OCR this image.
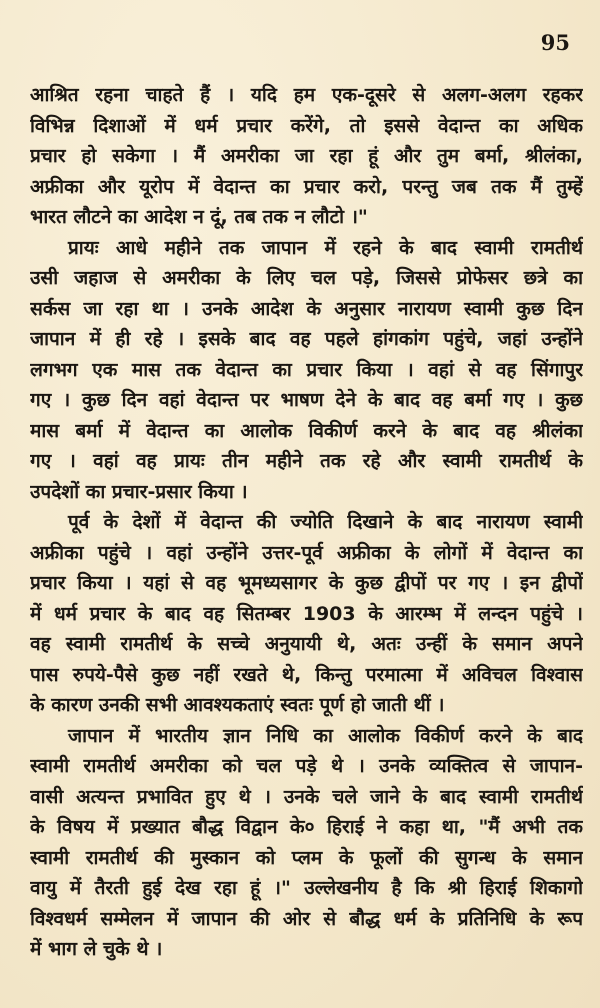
95

आश्रित रहना चाहते हैं । यदि हम एक-दूसरे से अलग-अलग रहकर
विभिन्न दिशाओं में धर्म प्रचार करेंगे, तो इससे वेदान्त का अधिक
प्रचार हो सकेगा । मैं अमरीका जा रहा हूं और तुम बर्मा, श्रीलंका,
अफ्रीका और यूरोप में वेदान्त का प्रचार करो, परन्तु जब तक मैं तुम्हें
भारत लौटने का आदेश न दूं, तब तक न लौटो ।"

प्रायः आधे महीने तक जापान में रहने के बाद स्वामी रामतीर्थ
उसी जहाज से अमरीका के लिए चल पड़े, जिससे प्रोफेसर छत्रे का
सर्कस जा रहा था । उनके आदेश के अनुसार नारायण स्वामी कुछ दिन
जापान में ही रहे । इसके बाद वह पहले हांगकांग पहुंचे, जहां उन्होंने
लगभग एक मास तक वेदान्त का प्रचार किया । वहां से वह सिंगापुर
गए । कुछ दिन वहां वेदान्त पर भाषण देने के बाद वह बर्मा गए । कुछ
मास बर्मा में वेदान्त का आलोक विकीर्ण करने के बाद वह श्रीलंका
गए । वहां वह प्रायः तीन महीने तक रहे और स्वामी रामतीर्थ के
उपदेशों का प्रचार-प्रसार किया ।

पूर्व के देशों में वेदान्त की ज्योति दिखाने के बाद नारायण स्वामी
अफ्रीका पहुंचे । वहां उन्होंने उत्तर-पूर्व अफ्रीका के लोगों में वेदान्त का
प्रचार किया । यहां से वह भूमध्यसागर के कुछ द्वीपों पर गए । इन द्वीपों
में धर्म प्रचार के बाद वह सितम्बर 1903 के आरम्भ में लन्दन पहुंचे ।
वह स्वामी रामतीर्थ के सच्चे अनुयायी थे, अतः उन्हीं के समान अपने
पास रुपये-पैसे कुछ नहीं रखते थे, किन्तु परमात्मा में अविचल विश्वास
के कारण उनकी सभी आवश्यकताएं स्वतः पूर्ण हो जाती थीं ।

जापान में भारतीय ज्ञान निधि का आलोक विकीर्ण करने के बाद
स्वामी रामतीर्थ अमरीका को चल पड़े थे । उनके व्यक्तित्व से जापान-
वासी अत्यन्त प्रभावित हुए थे । उनके चले जाने के बाद स्वामी रामतीर्थ
के विषय में प्रख्यात बौद्ध विद्वान के० हिराई ने कहा था, "मैं अभी तक
स्वामी रामतीर्थ की मुस्कान को प्लम के फूलों की सुगन्ध के समान
वायु में तैरती हुई देख रहा हूं ।" उल्लेखनीय है कि श्री हिराई शिकागो
विश्वधर्म सम्मेलन में जापान की ओर से बौद्ध धर्म के प्रतिनिधि के रूप
में भाग ले चुके थे ।
